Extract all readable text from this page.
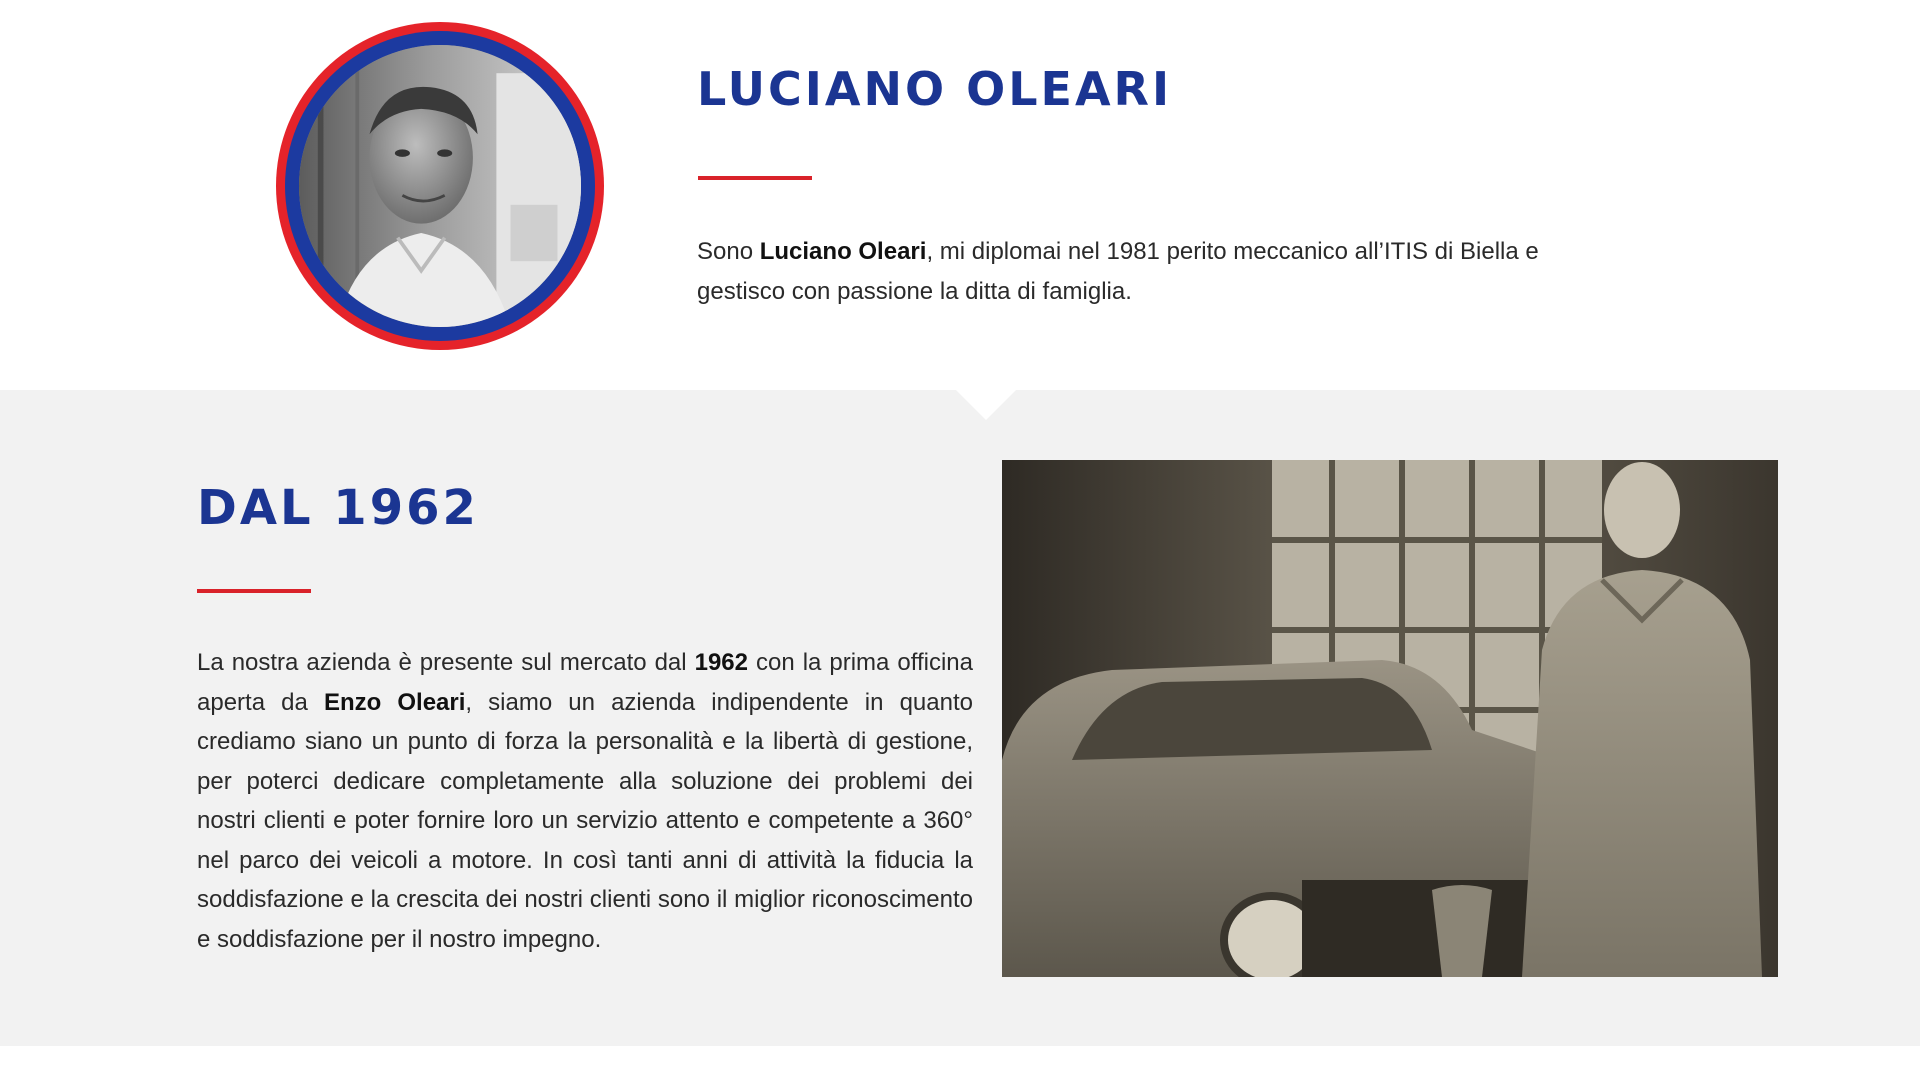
LUCIANO OLEARI

Sono Luciano Oleari, mi diplomai nel 1981 perito meccanico all’ITIS di Biella e gestisco con passione la ditta di famiglia.

DAL 1962

La nostra azienda è presente sul mercato dal 1962 con la prima officina aperta da Enzo Oleari, siamo un azienda indipendente in quanto crediamo siano un punto di forza la personalità e la libertà di gestione, per poterci dedicare completamente alla soluzione dei problemi dei nostri clienti e poter fornire loro un servizio attento e competente a 360° nel parco dei veicoli a motore. In così tanti anni di attività la fiducia la soddisfazione e la crescita dei nostri clienti sono il miglior riconoscimento e soddisfazione per il nostro impegno.
